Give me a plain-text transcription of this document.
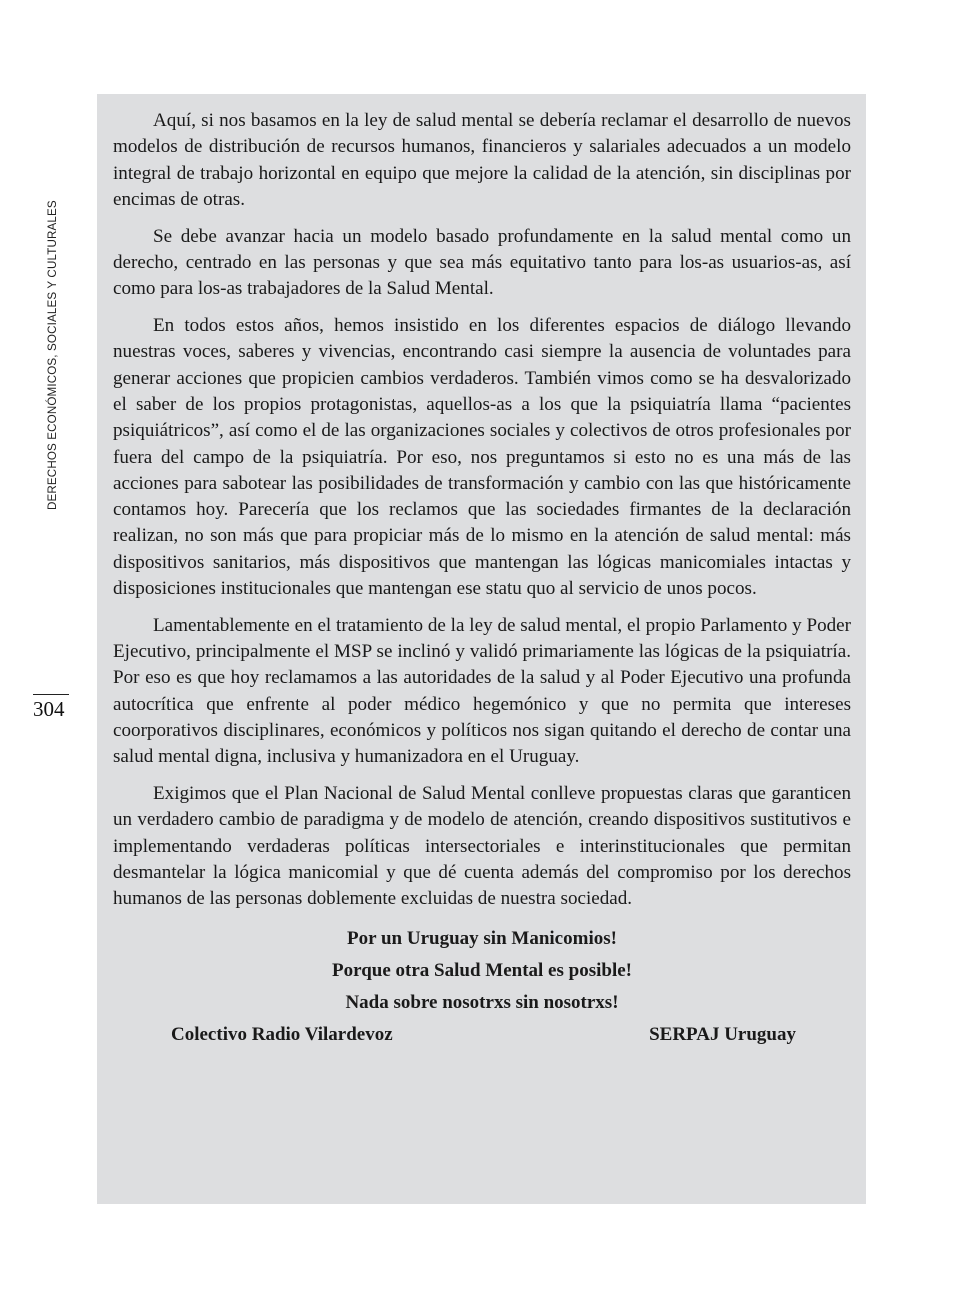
DERECHOS ECONÓMICOS, SOCIALES Y CULTURALES
304

Aquí, si nos basamos en la ley de salud mental se debería reclamar el desarrollo de nuevos modelos de distribución de recursos humanos, financieros y salariales adecuados a un modelo integral de trabajo horizontal en equipo que mejore la calidad de la atención, sin disciplinas por encimas de otras.

Se debe avanzar hacia un modelo basado profundamente en la salud mental como un derecho, centrado en las personas y que sea más equitativo tanto para los-as usuarios-as, así como para los-as trabajadores de la Salud Mental.

En todos estos años, hemos insistido en los diferentes espacios de diálogo llevando nuestras voces, saberes y vivencias, encontrando casi siempre la ausencia de voluntades para generar acciones que propicien cambios verdaderos. También vimos como se ha desvalorizado el saber de los propios protagonistas, aquellos-as a los que la psiquiatría llama “pacientes psiquiátricos”, así como el de las organizaciones sociales y colectivos de otros profesionales por fuera del campo de la psiquiatría. Por eso, nos preguntamos si esto no es una más de las acciones para sabotear las posibilidades de transformación y cambio con las que históricamente contamos hoy. Parecería que los reclamos que las sociedades firmantes de la declaración realizan, no son más que para propiciar más de lo mismo en la atención de salud mental: más dispositivos sanitarios, más dispositivos que mantengan las lógicas manicomiales intactas y disposiciones institucionales que mantengan ese statu quo al servicio de unos pocos.

Lamentablemente en el tratamiento de la ley de salud mental, el propio Parlamento y Poder Ejecutivo, principalmente el MSP se inclinó y validó primariamente las lógicas de la psiquiatría. Por eso es que hoy reclamamos a las autoridades de la salud y al Poder Ejecutivo una profunda autocrítica que enfrente al poder médico hegemónico y que no permita que intereses coorporativos disciplinares, económicos y políticos nos sigan quitando el derecho de contar una salud mental digna, inclusiva y humanizadora en el Uruguay.

Exigimos que el Plan Nacional de Salud Mental conlleve propuestas claras que garanticen un verdadero cambio de paradigma y de modelo de atención, creando dispositivos sustitutivos e implementando verdaderas políticas intersectoriales e interinstitucionales que permitan desmantelar la lógica manicomial y que dé cuenta además del compromiso por los derechos humanos de las personas doblemente excluidas de nuestra sociedad.

Por un Uruguay sin Manicomios!
Porque otra Salud Mental es posible!
Nada sobre nosotrxs sin nosotrxs!
Colectivo Radio Vilardevoz	SERPAJ Uruguay
